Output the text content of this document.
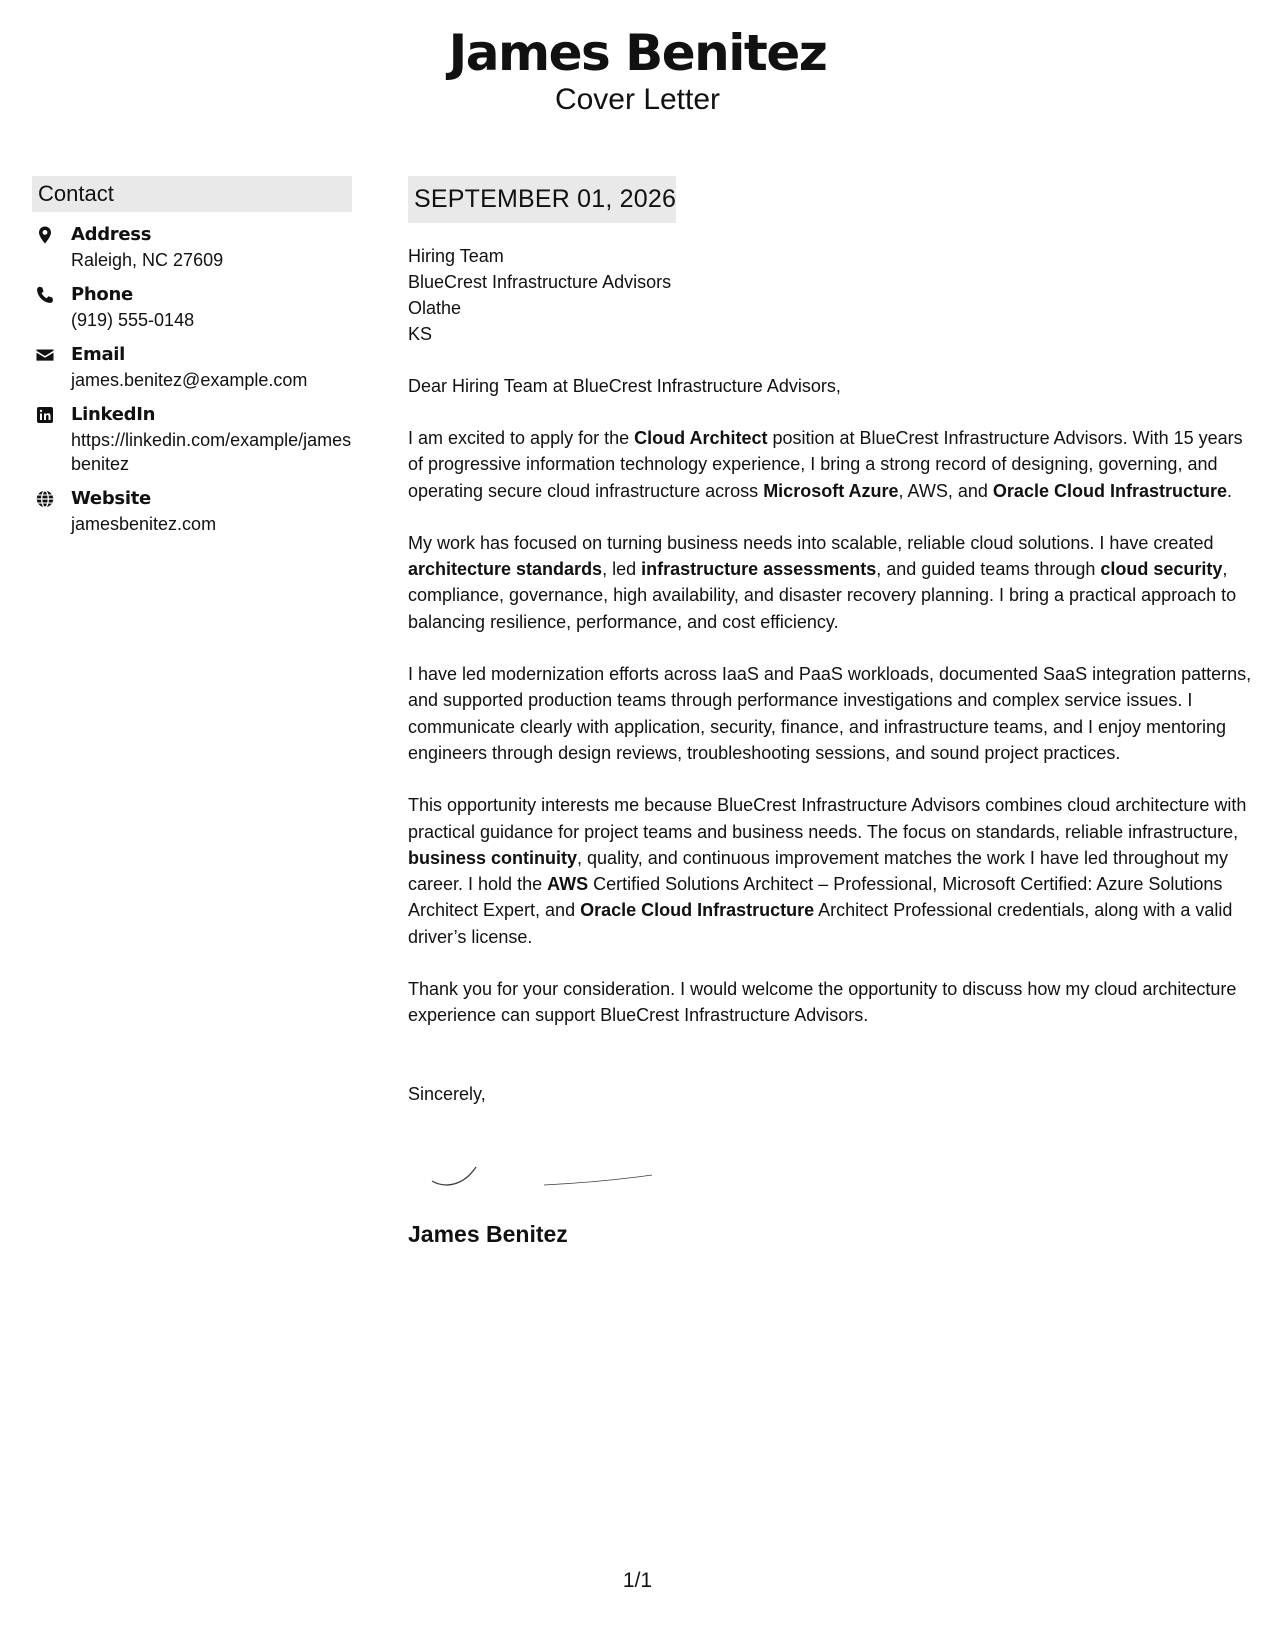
James Benitez
Cover Letter
Contact
Address
Raleigh, NC 27609
Phone
(919) 555-0148
Email
james.benitez@example.com
LinkedIn
https://linkedin.com/example/jamesbenitez
Website
jamesbenitez.com
SEPTEMBER 01, 2026
Hiring Team
BlueCrest Infrastructure Advisors
Olathe
KS
Dear Hiring Team at BlueCrest Infrastructure Advisors,
I am excited to apply for the Cloud Architect position at BlueCrest Infrastructure Advisors. With 15 years of progressive information technology experience, I bring a strong record of designing, governing, and operating secure cloud infrastructure across Microsoft Azure, AWS, and Oracle Cloud Infrastructure.
My work has focused on turning business needs into scalable, reliable cloud solutions. I have created architecture standards, led infrastructure assessments, and guided teams through cloud security, compliance, governance, high availability, and disaster recovery planning. I bring a practical approach to balancing resilience, performance, and cost efficiency.
I have led modernization efforts across IaaS and PaaS workloads, documented SaaS integration patterns, and supported production teams through performance investigations and complex service issues. I communicate clearly with application, security, finance, and infrastructure teams, and I enjoy mentoring engineers through design reviews, troubleshooting sessions, and sound project practices.
This opportunity interests me because BlueCrest Infrastructure Advisors combines cloud architecture with practical guidance for project teams and business needs. The focus on standards, reliable infrastructure, business continuity, quality, and continuous improvement matches the work I have led throughout my career. I hold the AWS Certified Solutions Architect – Professional, Microsoft Certified: Azure Solutions Architect Expert, and Oracle Cloud Infrastructure Architect Professional credentials, along with a valid driver’s license.
Thank you for your consideration. I would welcome the opportunity to discuss how my cloud architecture experience can support BlueCrest Infrastructure Advisors.
Sincerely,
James Benitez
1/1
